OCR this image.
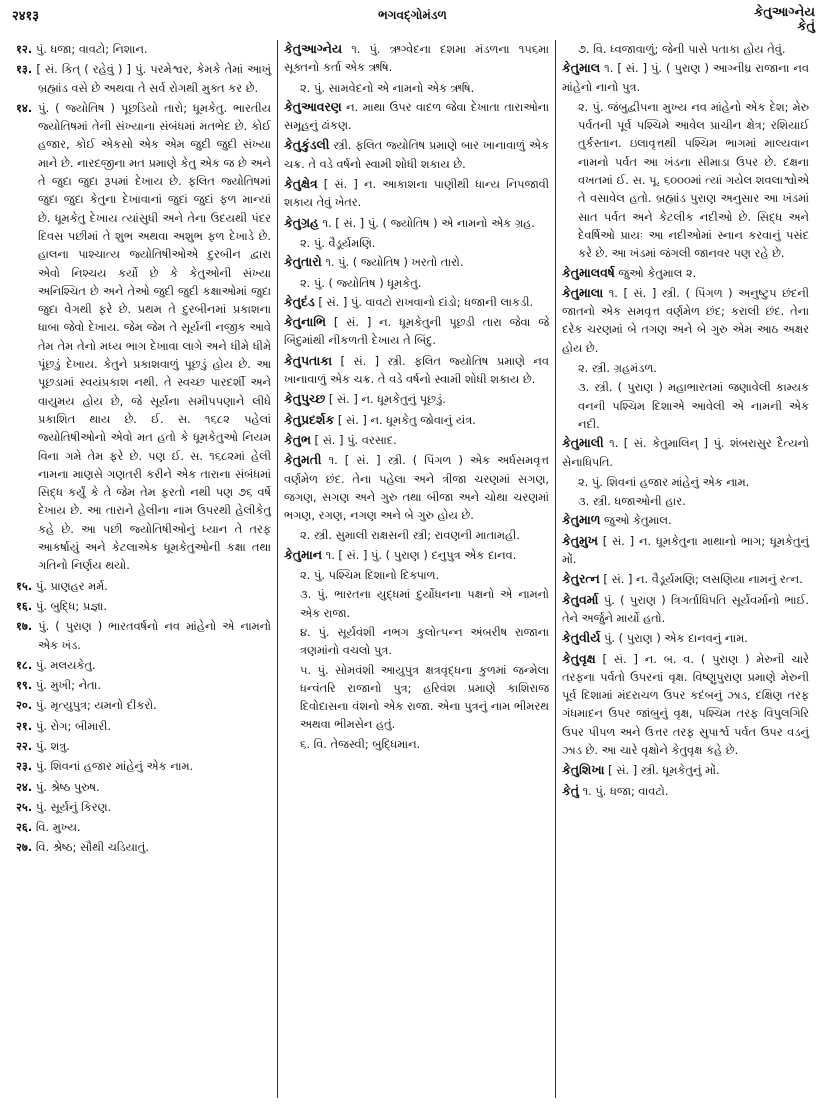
२४१३	ભગવદ્ગોમંડળ	કેતુઆગ્નેય
કેતું

१२. પું. ધજા; વાવટો; નિશાન.

१३. [ સં. કિત્ ( રહેવું ) ] પું. પરમેશ્વર, કેમકે તેમાં આખું બ્રહ્માંડ વસે છે અથવા તે સર્વ રોગથી મુક્ત કર છે.

१४. પું. ( જ્યોતિષ ) પૂછડિયો તારો; ધૂમકેતુ. ભારતીય જ્યોતિષમાં તેની સંખ્યાના સંબંધમાં મતભેદ છે. કોઈ હજાર, કોઈ એકસો એક એમ જુદી જુદી સંખ્યા માને છે. નારદજીના મત પ્રમાણે કેતુ એક જ છે અને તે જુદા જુદા રૂપમાં દેખાય છે. ફલિત જ્યોતિષમાં જુદા જુદા કેતુના દેખાવાનાં જુદાં જુદાં ફળ માન્યાં છે. ધૂમકેતુ દેખાય ત્યાંસુધી અને તેના ઉદયથી પંદર દિવસ પછીમાં તે શુભ અથવા અશુભ ફળ દેખાડે છે. હાલના પાશ્ચાત્ય જ્યોતિષીઓએ દુરબીન દ્વારા એવો નિશ્ચય કર્યો છે કે કેતુઓની સંખ્યા અનિશ્ચિત છે અને તેઓ જુદી જુદી કક્ષાઓમાં જુદા જુદા વેગથી ફરે છે. પ્રથમ તે દુરબીનમાં પ્રકાશના ધાબા જેવો દેખાય. જેમ જેમ તે સૂર્યની નજીક આવે તેમ તેમ તેનો મધ્ય ભાગ દેખાવા લાગે અને ધીમે ધીમે પૂંછડું દેખાય. કેતુને પ્રકાશવાળું પૂછડું હોય છે. આ પૂછડામાં સ્વયંપ્રકાશ નથી. તે સ્વચ્છ પારદર્શી અને વાયુમય હોય છે, જે સૂર્યના સમીપપણાને લીધે પ્રકાશિત થાય છે. ઈ. સ. ૧૬૮૨ પહેલાં જ્યોતિષીઓનો એવો મત હતો કે ધૂમકેતુઓ નિયમ વિના ગમે તેમ ફરે છે. પણ ઈ. સ. ૧૬૮૨માં હેલી નામના માણસે ગણતરી કરીને એક તારાના સંબંધમાં સિદ્ધ કર્યું કે તે જેમ તેમ ફરતો નથી પણ ૭૬ વર્ષે દેખાય છે. આ તારાને હેલીના નામ ઉપરથી હેલીકેતુ કહે છે. આ પછી જ્યોતિષીઓનું ધ્યાન તે તરફ આકર્ષાયું અને કેટલાએક ધૂમકેતુઓની કક્ષા તથા ગતિનો નિર્ણય થયો.

१५. પું. પ્રાણહર મર્મ.

१६. પું. બુદ્ધિ; પ્રજ્ઞા.

१७. પું. ( પુરાણ ) ભારતવર્ષનો નવ માંહેનો એ નામનો એક ખંડ.

१८. પું. મલયકેતુ.

१९. પું. મુખી; નેતા.

२०. પું. મૃત્યુપુત્ર; યમનો દીકરો.

२१. પું. રોગ; બીમારી.

२२. પું. શત્રુ.

२३. પું. શિવનાં હજાર માંહેનું એક નામ.

२४. પું. શ્રેષ્ઠ પુરુષ.

२५. પું. સૂર્યનું કિરણ.

२६. વિ. મુખ્ય.

२७. વિ. શ્રેષ્ઠ; સૌથી ચડિયાતું.

કેતુઆગ્નેય ૧. પું. ઋગ્વેદના દશમા મંડળના ૧૫૬મા સૂક્તનો કર્તા એક ઋષિ.

૨. પું. સામવેદનો એ નામનો એક ઋષિ.

કેતુઆવરણ ન. માથા ઉપર વાદળ જેવા દેખાતા તારાઓના સમૂહનું ઢાંકણ.

કેતુકુંડલી સ્ત્રી. ફલિત જ્યોતિષ પ્રમાણે બાર ખાનાવાળું એક ચક્ર. તે વડે વર્ષનો સ્વામી શોધી શકાય છે.

કેતુક્ષેત્ર [ સં. ] ન. આકાશના પાણીથી ધાન્ય નિપજાવી શકાય તેવું ખેતર.

કેતુગ્રહ ૧. [ સં. ] પું. ( જ્યોતિષ ) એ નામનો એક ગ્રહ.

૨. પું. વૈડૂર્યમણિ.

કેતુતારો ૧. પું. ( જ્યોતિષ ) ખરતો તારો.

૨. પું. ( જ્યોતિષ ) ધૂમકેતુ.

કેતુદંડ [ સં. ] પું. વાવટો રાખવાનો દાંડો; ધજાની લાકડી.

કેતુનાભિ [ સં. ] ન. ધૂમકેતુની પૂછડી તારા જેવા જે બિંદુમાંથી નીકળતી દેખાય તે બિંદુ.

કેતુપતાકા [ સં. ] સ્ત્રી. ફલિત જ્યોતિષ પ્રમાણે નવ ખાનાવાળું એક ચક્ર. તે વડે વર્ષનો સ્વામી શોધી શકાય છે.

કેતુપુચ્છ [ સં. ] ન. ધૂમકેતુનું પૂછડું.

કેતુપ્રદર્શક [ સં. ] ન. ધૂમકેતુ જોવાનું યંત્ર.

કેતુભ [ સં. ] પું. વરસાદ.

કેતુમતી ૧. [ સં. ] સ્ત્રી. ( પિંગળ ) એક અર્ધસમવૃત્ત વર્ણમેળ છંદ. તેના પહેલા અને ત્રીજા ચરણમાં સગણ, જગણ, સગણ અને ગુરુ તથા બીજા અને ચોથા ચરણમાં ભગણ, રગણ, નગણ અને બે ગુરુ હોય છે.

૨. સ્ત્રી. સુમાલી રાક્ષસની સ્ત્રી; રાવણની માતામહી.

કેતુમાન ૧. [ સં. ] પું. ( પુરાણ ) દનુપુત્ર એક દાનવ.

૨. પું. પશ્ચિમ દિશાનો દિક્પાળ.

૩. પું. ભારતના યુદ્ધમાં દુર્યોધનના પક્ષનો એ નામનો એક રાજા.

૪. પું. સૂર્યવંશી નભગ કુલોત્પન્ન અંબરીષ રાજાના ત્રણમાંનો વચલો પુત્ર.

૫. પું. સોમવંશી આયુપુત્ર ક્ષત્રવૃદ્ધના કુળમાં જન્મેલા ધન્વંતરિ રાજાનો પુત્ર; હરિવંશ પ્રમાણે કાશિરાજ દિવોદાસના વંશનો એક રાજા. એના પુત્રનું નામ ભીમરથ અથવા ભીમસેન હતું.

૬. વિ. તેજસ્વી; બુદ્ધિમાન.

૭. વિ. ધ્વજાવાળું; જેની પાસે પતાકા હોય તેવું.

કેતુમાલ ૧. [ સં. ] પું. ( પુરાણ ) આગ્નીધ્ર રાજાના નવ માંહેનો નાનો પુત્ર.

૨. પું. જંબુદ્વીપના મુખ્ય નવ માંહેનો એક દેશ; મેરુ પર્વતની પૂર્વ પશ્ચિમે આવેલ પ્રાચીન ક્ષેત્ર; રશિયાઈ તુર્કસ્તાન. ઇલાવૃત્તથી પશ્ચિમ ભાગમાં માલ્યવાન નામનો પર્વત આ ખંડના સીમાડા ઉપર છે. દક્ષના વખતમાં ઈ. સ. પૂ. ૬૦૦૦માં ત્યાં ગયેલ શવલાશ્વોએ તે વસાવેલ હતો. બ્રહ્માંડ પુરાણ અનુસાર આ ખંડમાં સાત પર્વત અને કેટલીક નદીઓ છે. સિદ્ધ અને દેવર્ષિઓ પ્રાયઃ આ નદીઓમાં સ્નાન કરવાનું પસંદ કરે છે. આ ખંડમાં જંગલી જાનવર પણ રહે છે.

કેતુમાલવર્ષ જુઓ કેતુમાલ ૨.

કેતુમાલા ૧. [ સં. ] સ્ત્રી. ( પિંગળ ) અનુષ્ટુપ છંદની જાતનો એક સમવૃત્ત વર્ણમેળ છંદ; કરાલી છંદ. તેના દરેક ચરણમાં બે તગણ અને બે ગુરુ એમ આઠ અક્ષર હોય છે.

૨. સ્ત્રી. ગ્રહમંડળ.

૩. સ્ત્રી. ( પુરાણ ) મહાભારતમાં જણાવેલી કામ્યક વનની પશ્ચિમ દિશાએ આવેલી એ નામની એક નદી.

કેતુમાલી ૧. [ સં. કેતુમાલિન્ ] પું. શંબરાસુર દૈત્યનો સેનાધિપતિ.

૨. પું. શિવનાં હજાર માંહેનું એક નામ.

૩. સ્ત્રી. ધજાઓની હાર.

કેતુમાળ જુઓ કેતુમાલ.

કેતુમુખ [ સં. ] ન. ધૂમકેતુના માથાનો ભાગ; ધૂમકેતુનું મોં.

કેતુરત્ન [ સં. ] ન. વૈડૂર્યમણિ; લસણિયા નામનું રત્ન.

કેતુવર્મા પું. ( પુરાણ ) ત્રિગર્તાધિપતિ સૂર્યવર્માનો ભાઈ. તેને અર્જુને માર્યો હતો.

કેતુવીર્ય પું. ( પુરાણ ) એક દાનવનું નામ.

કેતુવૃક્ષ [ સં. ] ન. બ. વ. ( પુરાણ ) મેરુની ચારે તરફના પર્વતો ઉપરનાં વૃક્ષ. વિષ્ણુપુરાણ પ્રમાણે મેરુની પૂર્વ દિશામાં મંદરાચળ ઉપર કદંબનું ઝાડ, દક્ષિણ તરફ ગંધમાદન ઉપર જાંબુનું વૃક્ષ, પશ્ચિમ તરફ વિપુલગિરિ ઉપર પીપળ અને ઉત્તર તરફ સુપાર્શ્વ પર્વત ઉપર વડનું ઝાડ છે. આ ચારે વૃક્ષોને કેતુવૃક્ષ કહે છે.

કેતુશિખા [ સં. ] સ્ત્રી. ધૂમકેતુનું મોં.

કેતું ૧. પું. ધજા; વાવટો.
